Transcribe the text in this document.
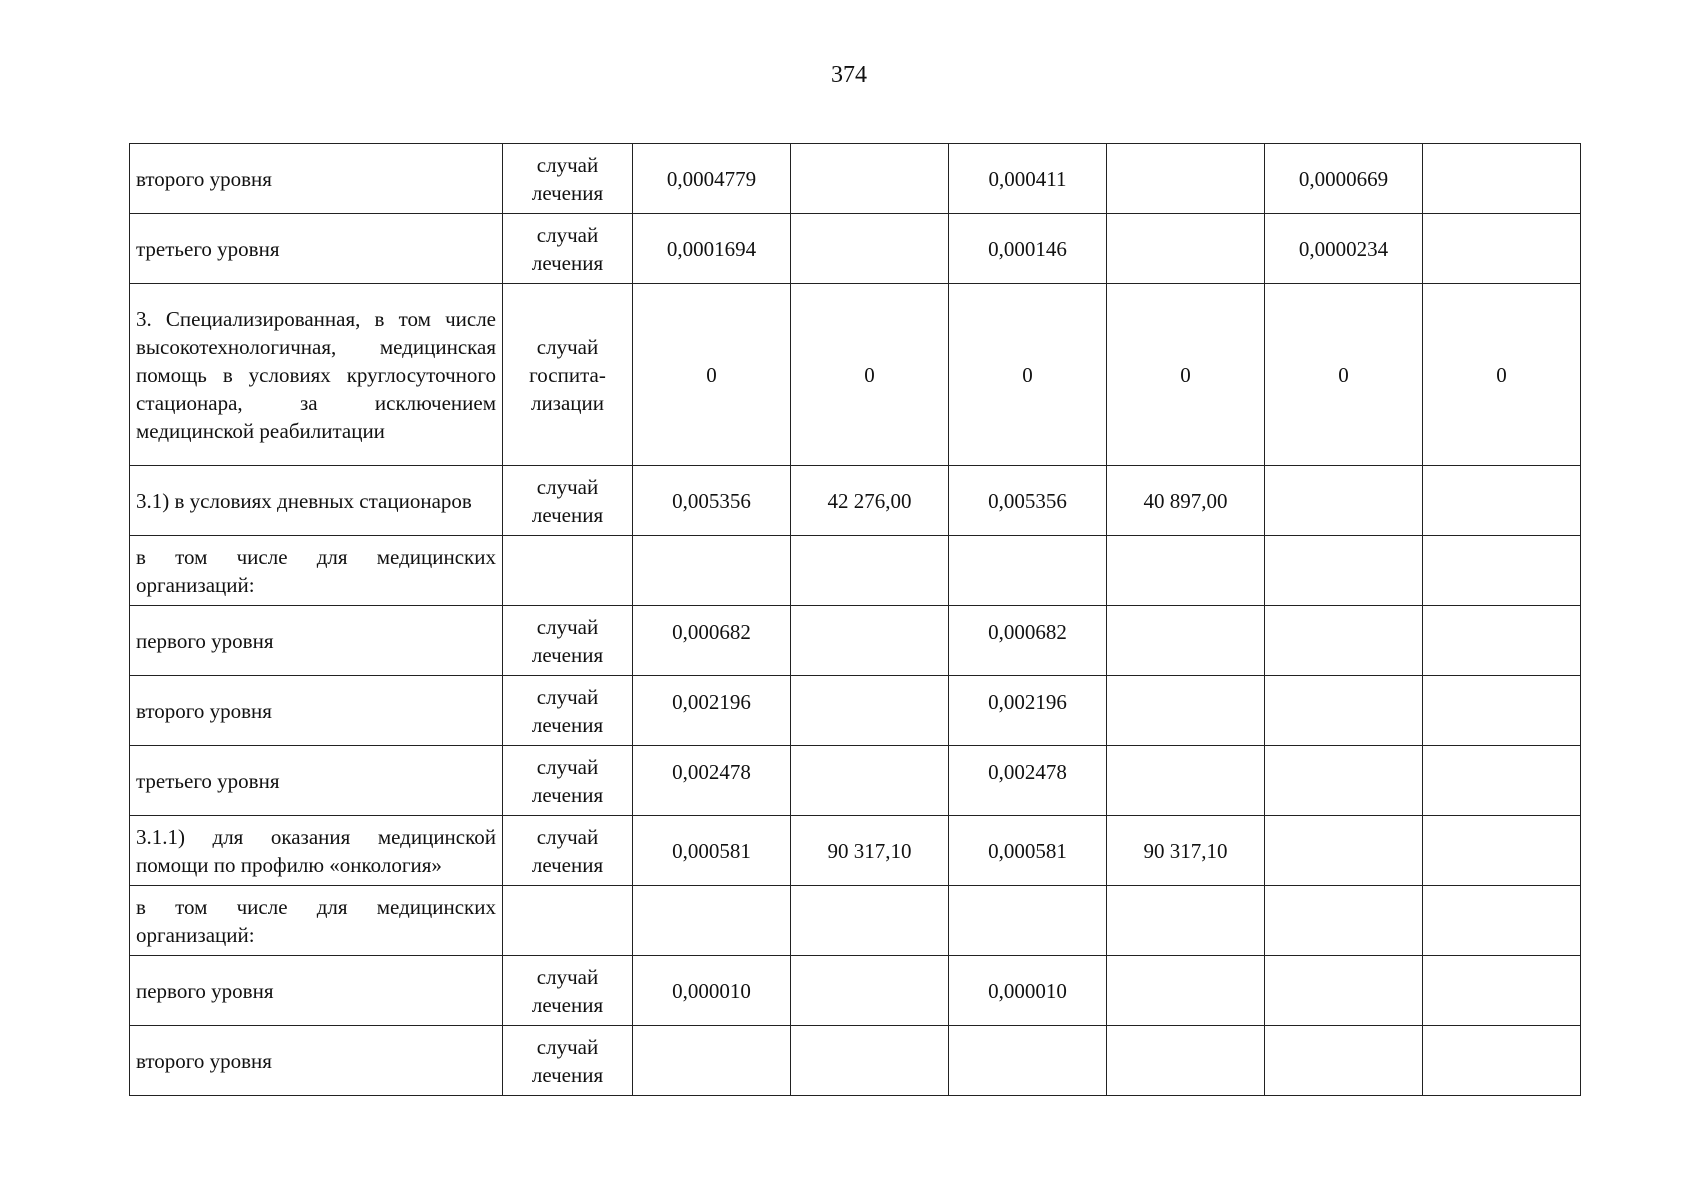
374
второго уровня	случай лечения	0,0004779		0,000411		0,0000669	
третьего уровня	случай лечения	0,0001694		0,000146		0,0000234	
3. Специализированная, в том числе высокотехнологичная, медицинская помощь в условиях круглосуточного стационара, за исключением медицинской реабилитации	случай госпита-лизации	0	0	0	0	0	0
3.1) в условиях дневных стационаров	случай лечения	0,005356	42 276,00	0,005356	40 897,00		
в том числе для медицинских организаций:							
первого уровня	случай лечения	0,000682		0,000682			
второго уровня	случай лечения	0,002196		0,002196			
третьего уровня	случай лечения	0,002478		0,002478			
3.1.1) для оказания медицинской помощи по профилю «онкология»	случай лечения	0,000581	90 317,10	0,000581	90 317,10		
в том числе для медицинских организаций:							
первого уровня	случай лечения	0,000010		0,000010			
второго уровня	случай лечения						
